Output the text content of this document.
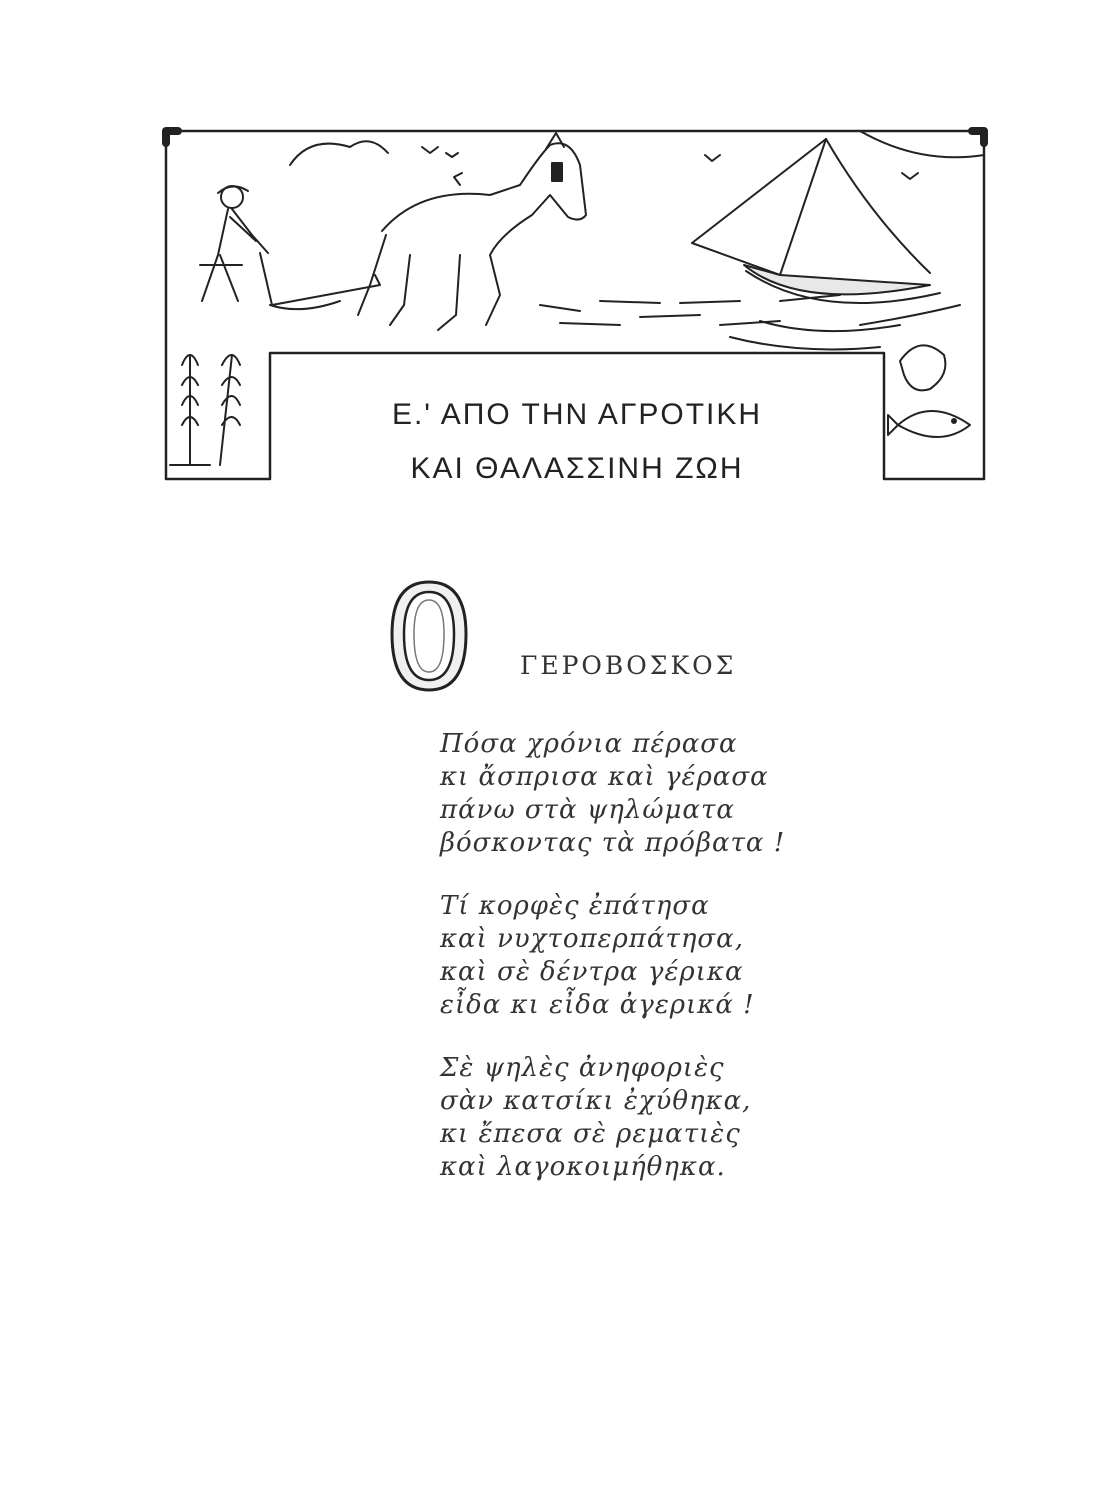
Ε.' ΑΠΟ ΤΗΝ ΑΓΡΟΤΙΚΗ
ΚΑΙ ΘΑΛΑΣΣΙΝΗ ΖΩΗ
ΓΕΡΟΒΟΣΚΟΣ
Πόσα χρόνια πέρασα
κι ἄσπρισα καὶ γέρασα
πάνω στὰ ψηλώματα
βόσκοντας τὰ πρόβατα !
Τί κορφὲς ἐπάτησα
καὶ νυχτοπερπάτησα,
καὶ σὲ δέντρα γέρικα
εἶδα κι εἶδα ἀγερικά !
Σὲ ψηλὲς ἀνηφοριὲς
σὰν κατσίκι ἐχύθηκα,
κι ἔπεσα σὲ ρεματιὲς
καὶ λαγοκοιμήθηκα.
